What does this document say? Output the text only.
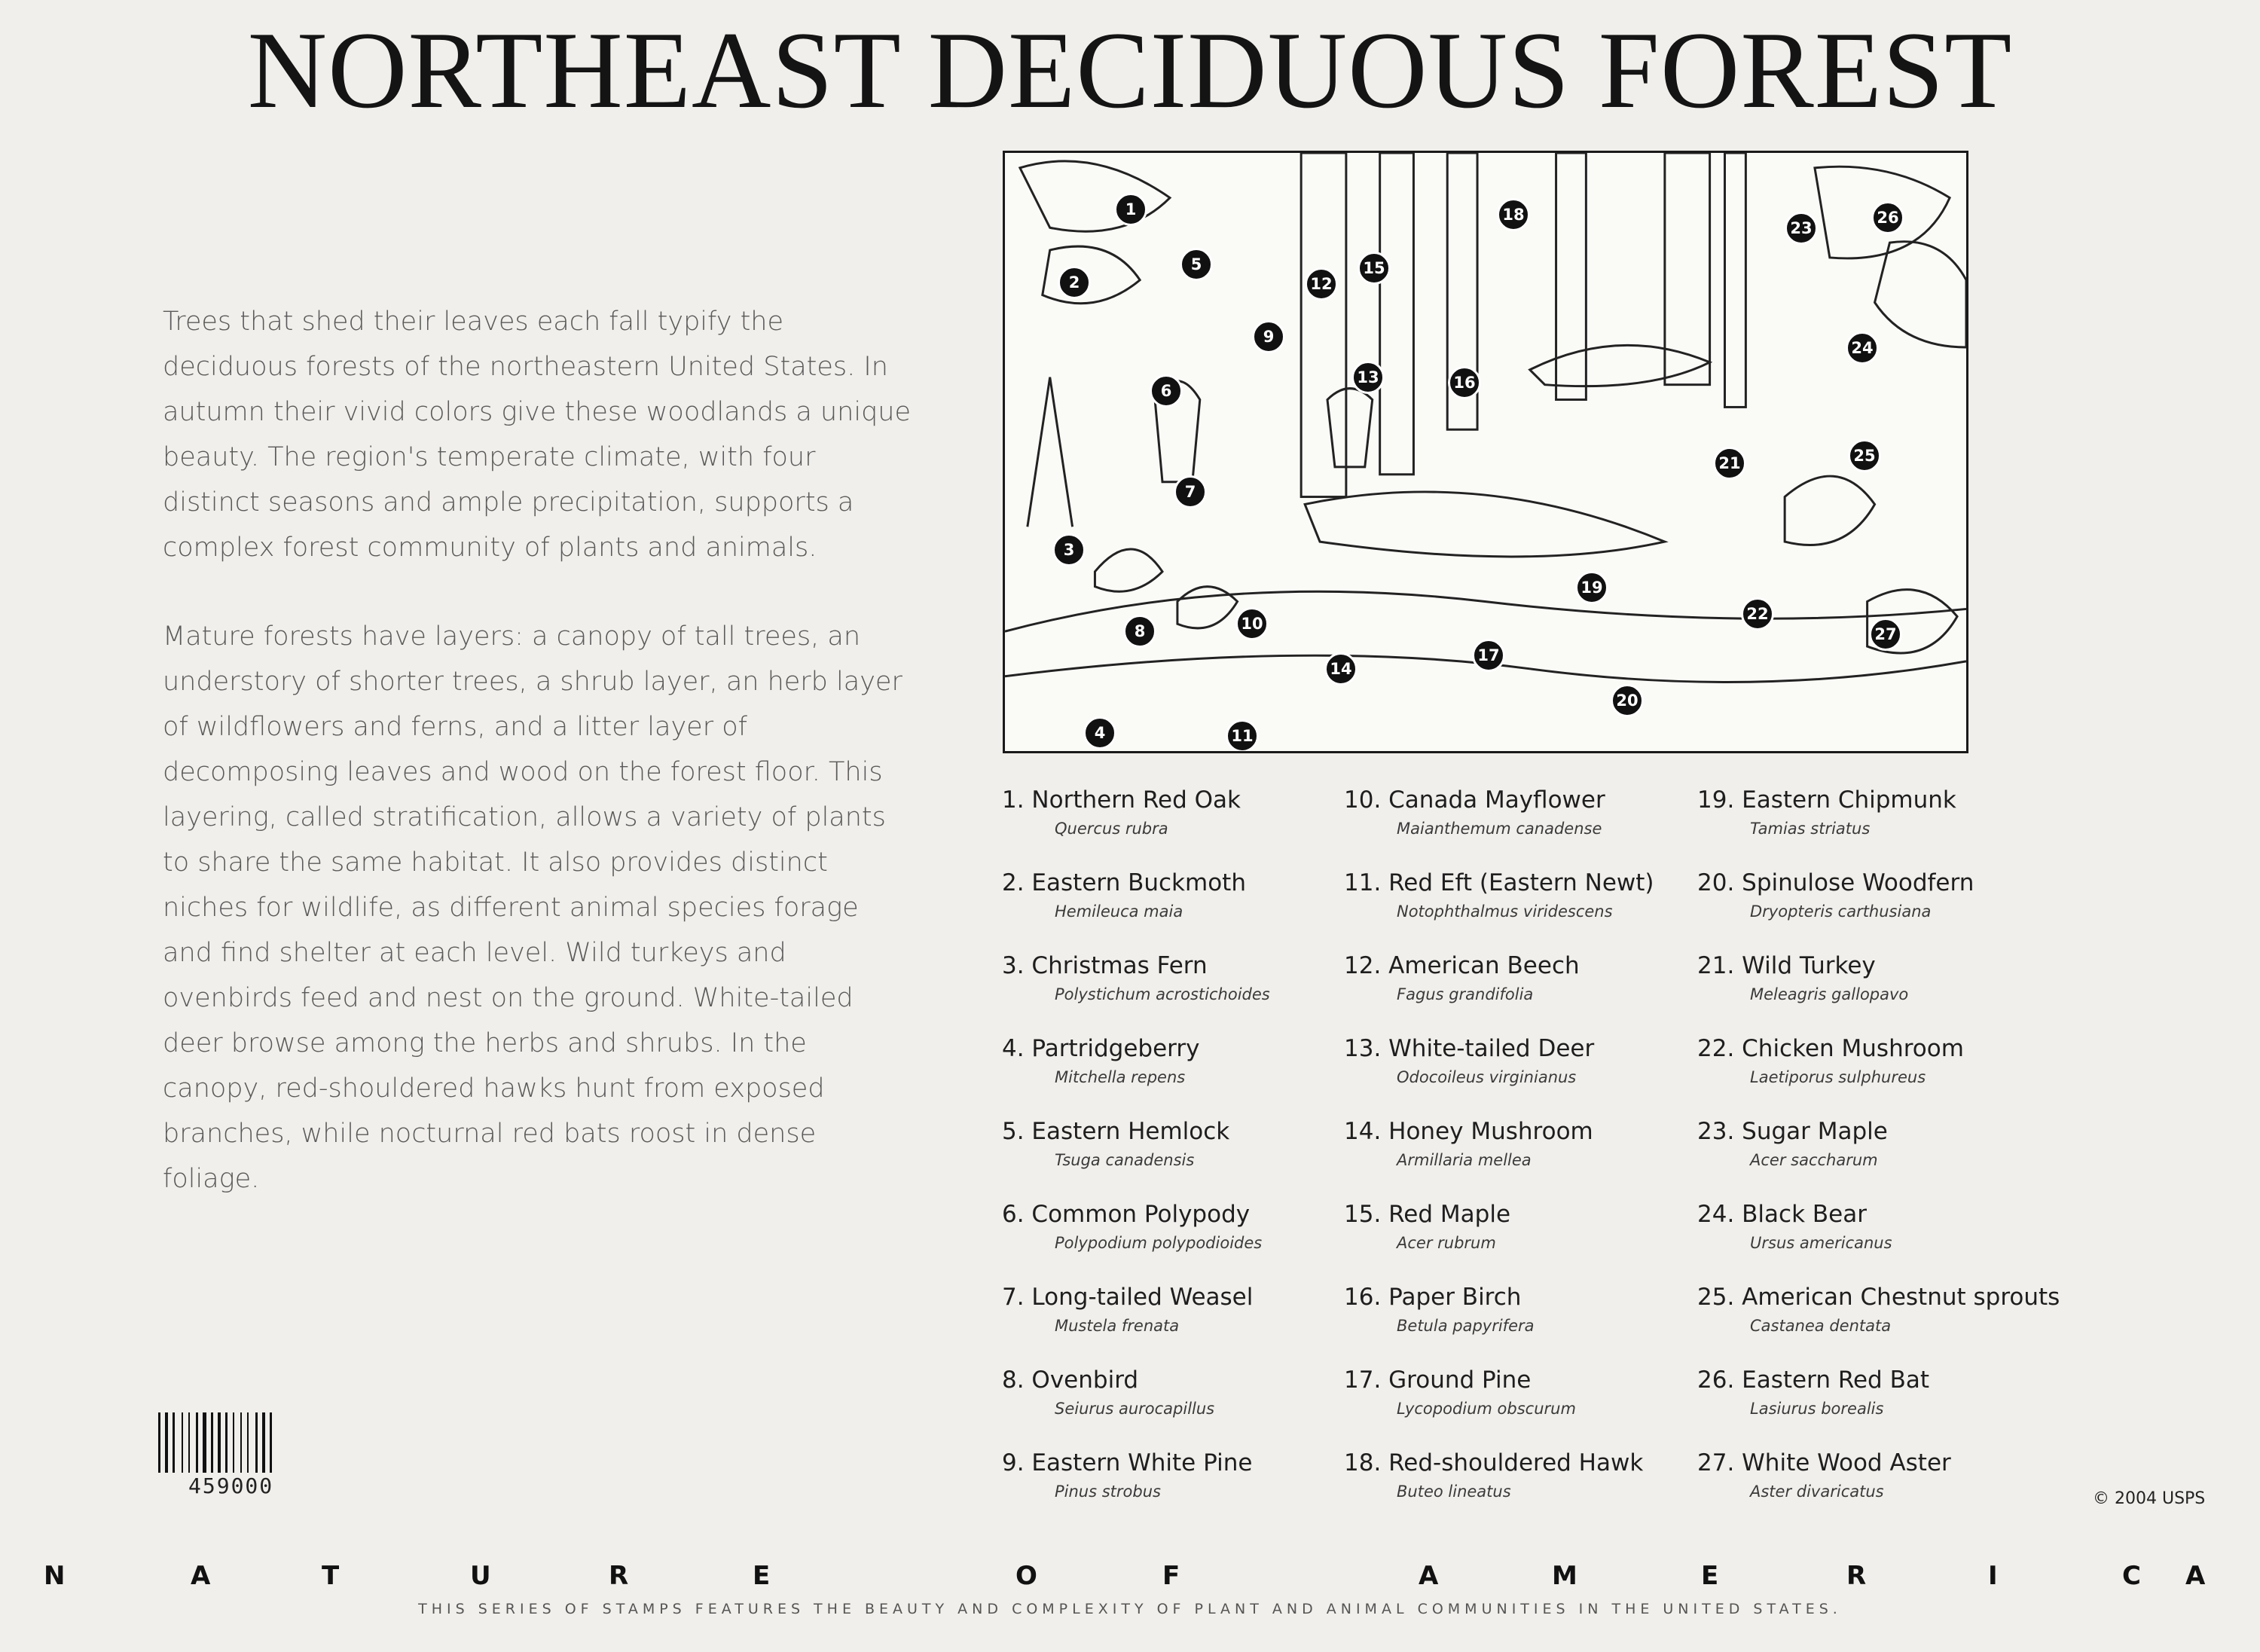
NORTHEAST DECIDUOUS FOREST

Trees that shed their leaves each fall typify the deciduous forests of the northeastern United States. In autumn their vivid colors give these woodlands a unique beauty. The region's temperate climate, with four distinct seasons and ample precipitation, supports a complex forest community of plants and animals.

Mature forests have layers: a canopy of tall trees, an understory of shorter trees, a shrub layer, an herb layer of wildflowers and ferns, and a litter layer of decomposing leaves and wood on the forest floor. This layering, called stratification, allows a variety of plants to share the same habitat. It also provides distinct niches for wildlife, as different animal species forage and find shelter at each level. Wild turkeys and ovenbirds feed and nest on the ground. White-tailed deer browse among the herbs and shrubs. In the canopy, red-shouldered hawks hunt from exposed branches, while nocturnal red bats roost in dense foliage.

1
2
3
4
5
6
7
8
9
10
11
12
13
14
15
16
17
18
19
20
21
22
23
24
25
26
27
1. Northern Red Oak
Quercus rubra
2. Eastern Buckmoth
Hemileuca maia
3. Christmas Fern
Polystichum acrostichoides
4. Partridgeberry
Mitchella repens
5. Eastern Hemlock
Tsuga canadensis
6. Common Polypody
Polypodium polypodioides
7. Long-tailed Weasel
Mustela frenata
8. Ovenbird
Seiurus aurocapillus
9. Eastern White Pine
Pinus strobus
10. Canada Mayflower
Maianthemum canadense
11. Red Eft (Eastern Newt)
Notophthalmus viridescens
12. American Beech
Fagus grandifolia
13. White-tailed Deer
Odocoileus virginianus
14. Honey Mushroom
Armillaria mellea
15. Red Maple
Acer rubrum
16. Paper Birch
Betula papyrifera
17. Ground Pine
Lycopodium obscurum
18. Red-shouldered Hawk
Buteo lineatus
19. Eastern Chipmunk
Tamias striatus
20. Spinulose Woodfern
Dryopteris carthusiana
21. Wild Turkey
Meleagris gallopavo
22. Chicken Mushroom
Laetiporus sulphureus
23. Sugar Maple
Acer saccharum
24. Black Bear
Ursus americanus
25. American Chestnut sprouts
Castanea dentata
26. Eastern Red Bat
Lasiurus borealis
27. White Wood Aster
Aster divaricatus
459000
© 2004 USPS
N	A	T	U	R	E	O	F	A	M	E	R	I	C A
THIS SERIES OF STAMPS FEATURES THE BEAUTY AND COMPLEXITY OF PLANT AND ANIMAL COMMUNITIES IN THE UNITED STATES.
